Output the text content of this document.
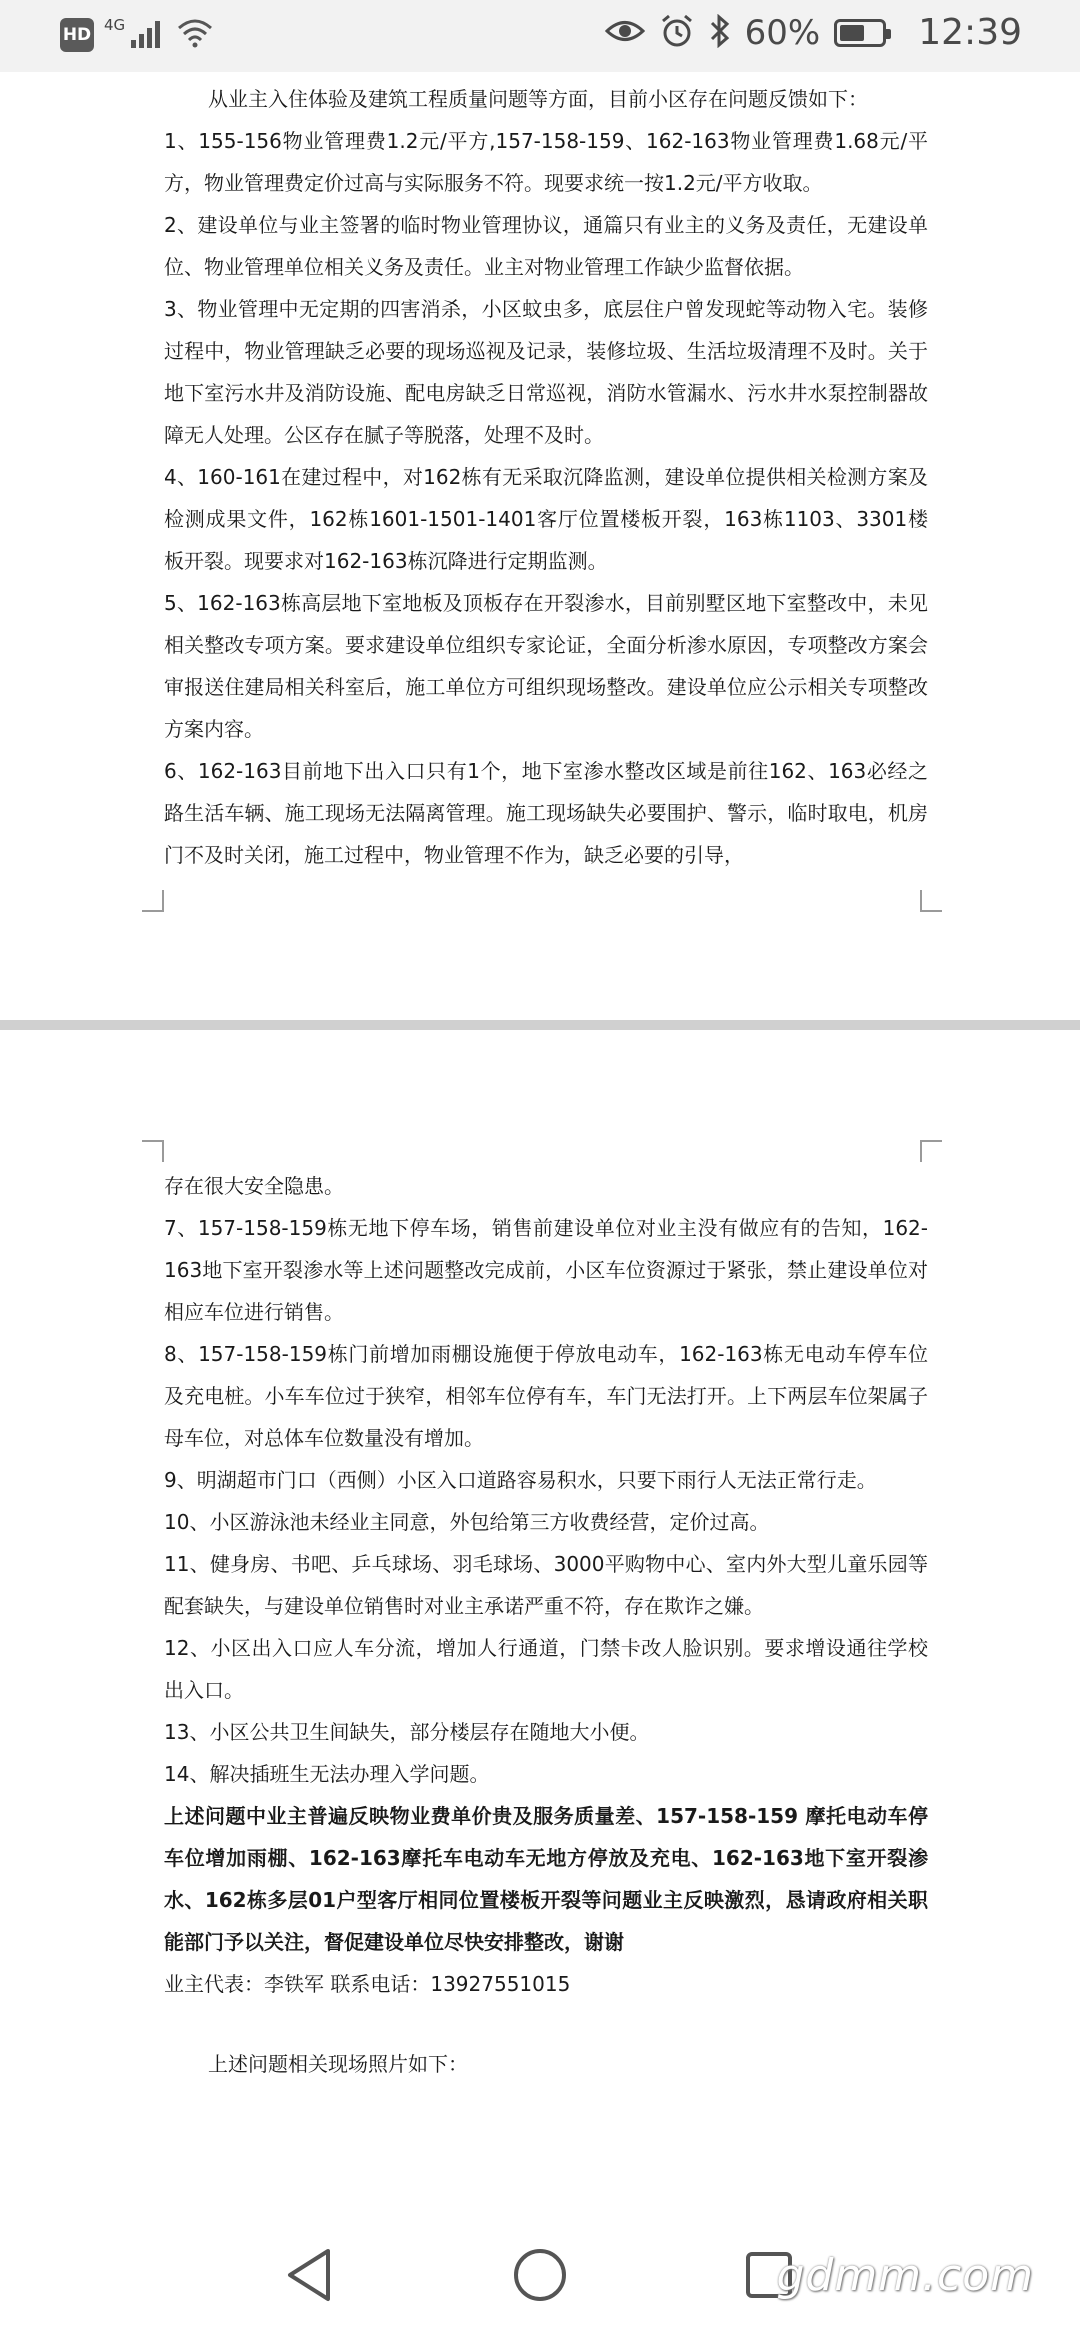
HD 4G	60%	12:39

从业主入住体验及建筑工程质量问题等方面，目前小区存在问题反馈如下：

1、155-156物业管理费1.2元/平方,157-158-159、162-163物业管理费1.68元/平方，物业管理费定价过高与实际服务不符。现要求统一按1.2元/平方收取。

2、建设单位与业主签署的临时物业管理协议，通篇只有业主的义务及责任，无建设单位、物业管理单位相关义务及责任。业主对物业管理工作缺少监督依据。

3、物业管理中无定期的四害消杀，小区蚊虫多，底层住户曾发现蛇等动物入宅。装修过程中，物业管理缺乏必要的现场巡视及记录，装修垃圾、生活垃圾清理不及时。关于地下室污水井及消防设施、配电房缺乏日常巡视，消防水管漏水、污水井水泵控制器故障无人处理。公区存在腻子等脱落，处理不及时。

4、160-161在建过程中，对162栋有无采取沉降监测，建设单位提供相关检测方案及检测成果文件，162栋1601-1501-1401客厅位置楼板开裂，163栋1103、3301楼板开裂。现要求对162-163栋沉降进行定期监测。

5、162-163栋高层地下室地板及顶板存在开裂渗水，目前别墅区地下室整改中，未见相关整改专项方案。要求建设单位组织专家论证，全面分析渗水原因，专项整改方案会审报送住建局相关科室后，施工单位方可组织现场整改。建设单位应公示相关专项整改方案内容。

6、162-163目前地下出入口只有1个，地下室渗水整改区域是前往162、163必经之路生活车辆、施工现场无法隔离管理。施工现场缺失必要围护、警示，临时取电，机房门不及时关闭，施工过程中，物业管理不作为，缺乏必要的引导，

存在很大安全隐患。

7、157-158-159栋无地下停车场，销售前建设单位对业主没有做应有的告知，162-163地下室开裂渗水等上述问题整改完成前，小区车位资源过于紧张，禁止建设单位对相应车位进行销售。

8、157-158-159栋门前增加雨棚设施便于停放电动车，162-163栋无电动车停车位及充电桩。小车车位过于狭窄，相邻车位停有车，车门无法打开。上下两层车位架属子母车位，对总体车位数量没有增加。

9、明湖超市门口（西侧）小区入口道路容易积水，只要下雨行人无法正常行走。

10、小区游泳池未经业主同意，外包给第三方收费经营，定价过高。

11、健身房、书吧、乒乓球场、羽毛球场、3000平购物中心、室内外大型儿童乐园等配套缺失，与建设单位销售时对业主承诺严重不符，存在欺诈之嫌。

12、小区出入口应人车分流，增加人行通道，门禁卡改人脸识别。要求增设通往学校出入口。

13、小区公共卫生间缺失，部分楼层存在随地大小便。

14、解决插班生无法办理入学问题。

上述问题中业主普遍反映物业费单价贵及服务质量差、157-158-159 摩托电动车停车位增加雨棚、162-163摩托车电动车无地方停放及充电、162-163地下室开裂渗水、162栋多层01户型客厅相同位置楼板开裂等问题业主反映激烈，恳请政府相关职能部门予以关注，督促建设单位尽快安排整改，谢谢

业主代表：李铁军 联系电话：13927551015

上述问题相关现场照片如下：

gdmm.com
